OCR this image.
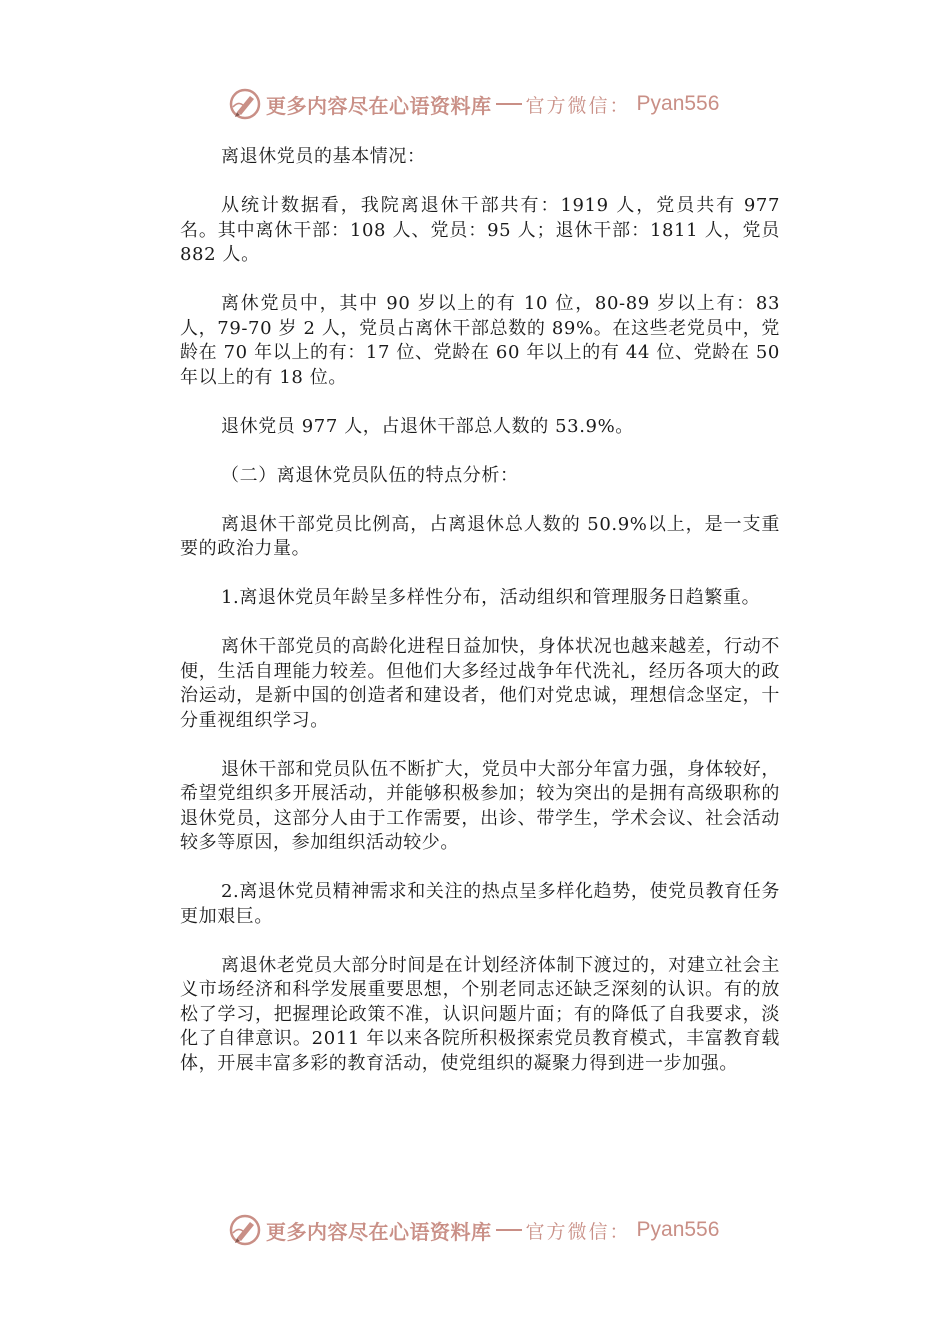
更多内容尽在心语资料库 官方微信： Pyan556

离退休党员的基本情况：

从统计数据看，我院离退休干部共有：1919 人，党员共有 977 名。其中离休干部：108 人、党员：95 人；退休干部：1811 人，党员 882 人。

离休党员中，其中 90 岁以上的有 10 位，80-89 岁以上有：83 人，79-70 岁 2 人，党员占离休干部总数的 89%。在这些老党员中，党龄在 70 年以上的有：17 位、党龄在 60 年以上的有 44 位、党龄在 50 年以上的有 18 位。

退休党员 977 人，占退休干部总人数的 53.9%。

（二）离退休党员队伍的特点分析：

离退休干部党员比例高，占离退休总人数的 50.9%以上，是一支重要的政治力量。

1.离退休党员年龄呈多样性分布，活动组织和管理服务日趋繁重。

离休干部党员的高龄化进程日益加快，身体状况也越来越差，行动不便，生活自理能力较差。但他们大多经过战争年代洗礼，经历各项大的政治运动，是新中国的创造者和建设者，他们对党忠诚，理想信念坚定，十分重视组织学习。

退休干部和党员队伍不断扩大，党员中大部分年富力强，身体较好，希望党组织多开展活动，并能够积极参加；较为突出的是拥有高级职称的退休党员，这部分人由于工作需要，出诊、带学生，学术会议、社会活动较多等原因，参加组织活动较少。

2.离退休党员精神需求和关注的热点呈多样化趋势，使党员教育任务更加艰巨。

离退休老党员大部分时间是在计划经济体制下渡过的，对建立社会主义市场经济和科学发展重要思想，个别老同志还缺乏深刻的认识。有的放松了学习，把握理论政策不准，认识问题片面；有的降低了自我要求，淡化了自律意识。2011 年以来各院所积极探索党员教育模式，丰富教育载体，开展丰富多彩的教育活动，使党组织的凝聚力得到进一步加强。

更多内容尽在心语资料库 官方微信： Pyan556
